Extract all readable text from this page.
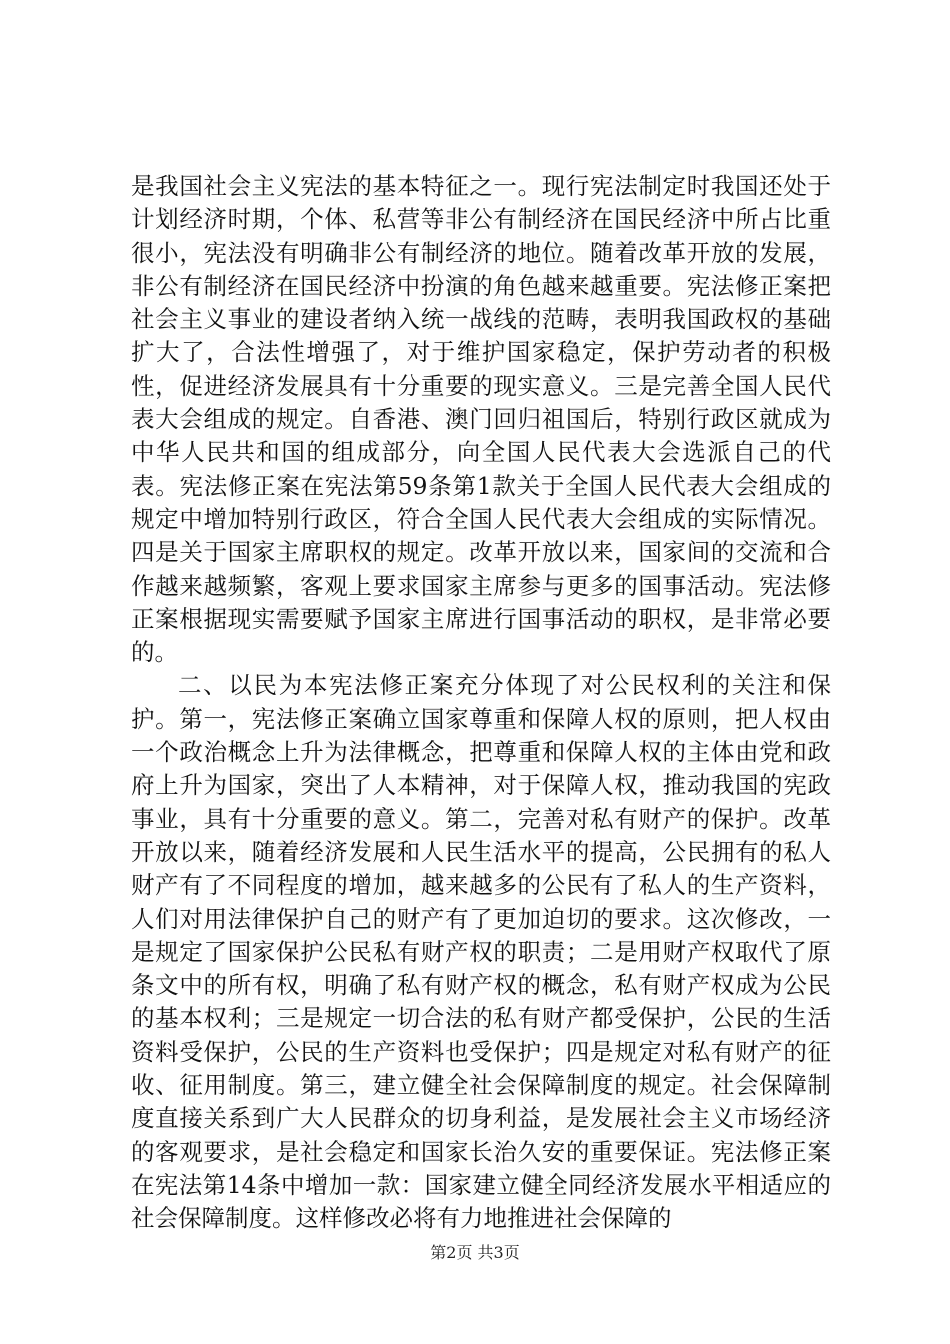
是我国社会主义宪法的基本特征之一。现行宪法制定时我国还处于计划经济时期，个体、私营等非公有制经济在国民经济中所占比重很小，宪法没有明确非公有制经济的地位。随着改革开放的发展，非公有制经济在国民经济中扮演的角色越来越重要。宪法修正案把社会主义事业的建设者纳入统一战线的范畴，表明我国政权的基础扩大了，合法性增强了，对于维护国家稳定，保护劳动者的积极性，促进经济发展具有十分重要的现实意义。三是完善全国人民代表大会组成的规定。自香港、澳门回归祖国后，特别行政区就成为中华人民共和国的组成部分，向全国人民代表大会选派自己的代表。宪法修正案在宪法第59条第1款关于全国人民代表大会组成的规定中增加特别行政区，符合全国人民代表大会组成的实际情况。四是关于国家主席职权的规定。改革开放以来，国家间的交流和合作越来越频繁，客观上要求国家主席参与更多的国事活动。宪法修正案根据现实需要赋予国家主席进行国事活动的职权，是非常必要的。

二、以民为本宪法修正案充分体现了对公民权利的关注和保护。第一，宪法修正案确立国家尊重和保障人权的原则，把人权由一个政治概念上升为法律概念，把尊重和保障人权的主体由党和政府上升为国家，突出了人本精神，对于保障人权，推动我国的宪政事业，具有十分重要的意义。第二，完善对私有财产的保护。改革开放以来，随着经济发展和人民生活水平的提高，公民拥有的私人财产有了不同程度的增加，越来越多的公民有了私人的生产资料，人们对用法律保护自己的财产有了更加迫切的要求。这次修改，一是规定了国家保护公民私有财产权的职责；二是用财产权取代了原条文中的所有权，明确了私有财产权的概念，私有财产权成为公民的基本权利；三是规定一切合法的私有财产都受保护，公民的生活资料受保护，公民的生产资料也受保护；四是规定对私有财产的征收、征用制度。第三，建立健全社会保障制度的规定。社会保障制度直接关系到广大人民群众的切身利益，是发展社会主义市场经济的客观要求，是社会稳定和国家长治久安的重要保证。宪法修正案在宪法第14条中增加一款：国家建立健全同经济发展水平相适应的社会保障制度。这样修改必将有力地推进社会保障的

第2页 共3页
